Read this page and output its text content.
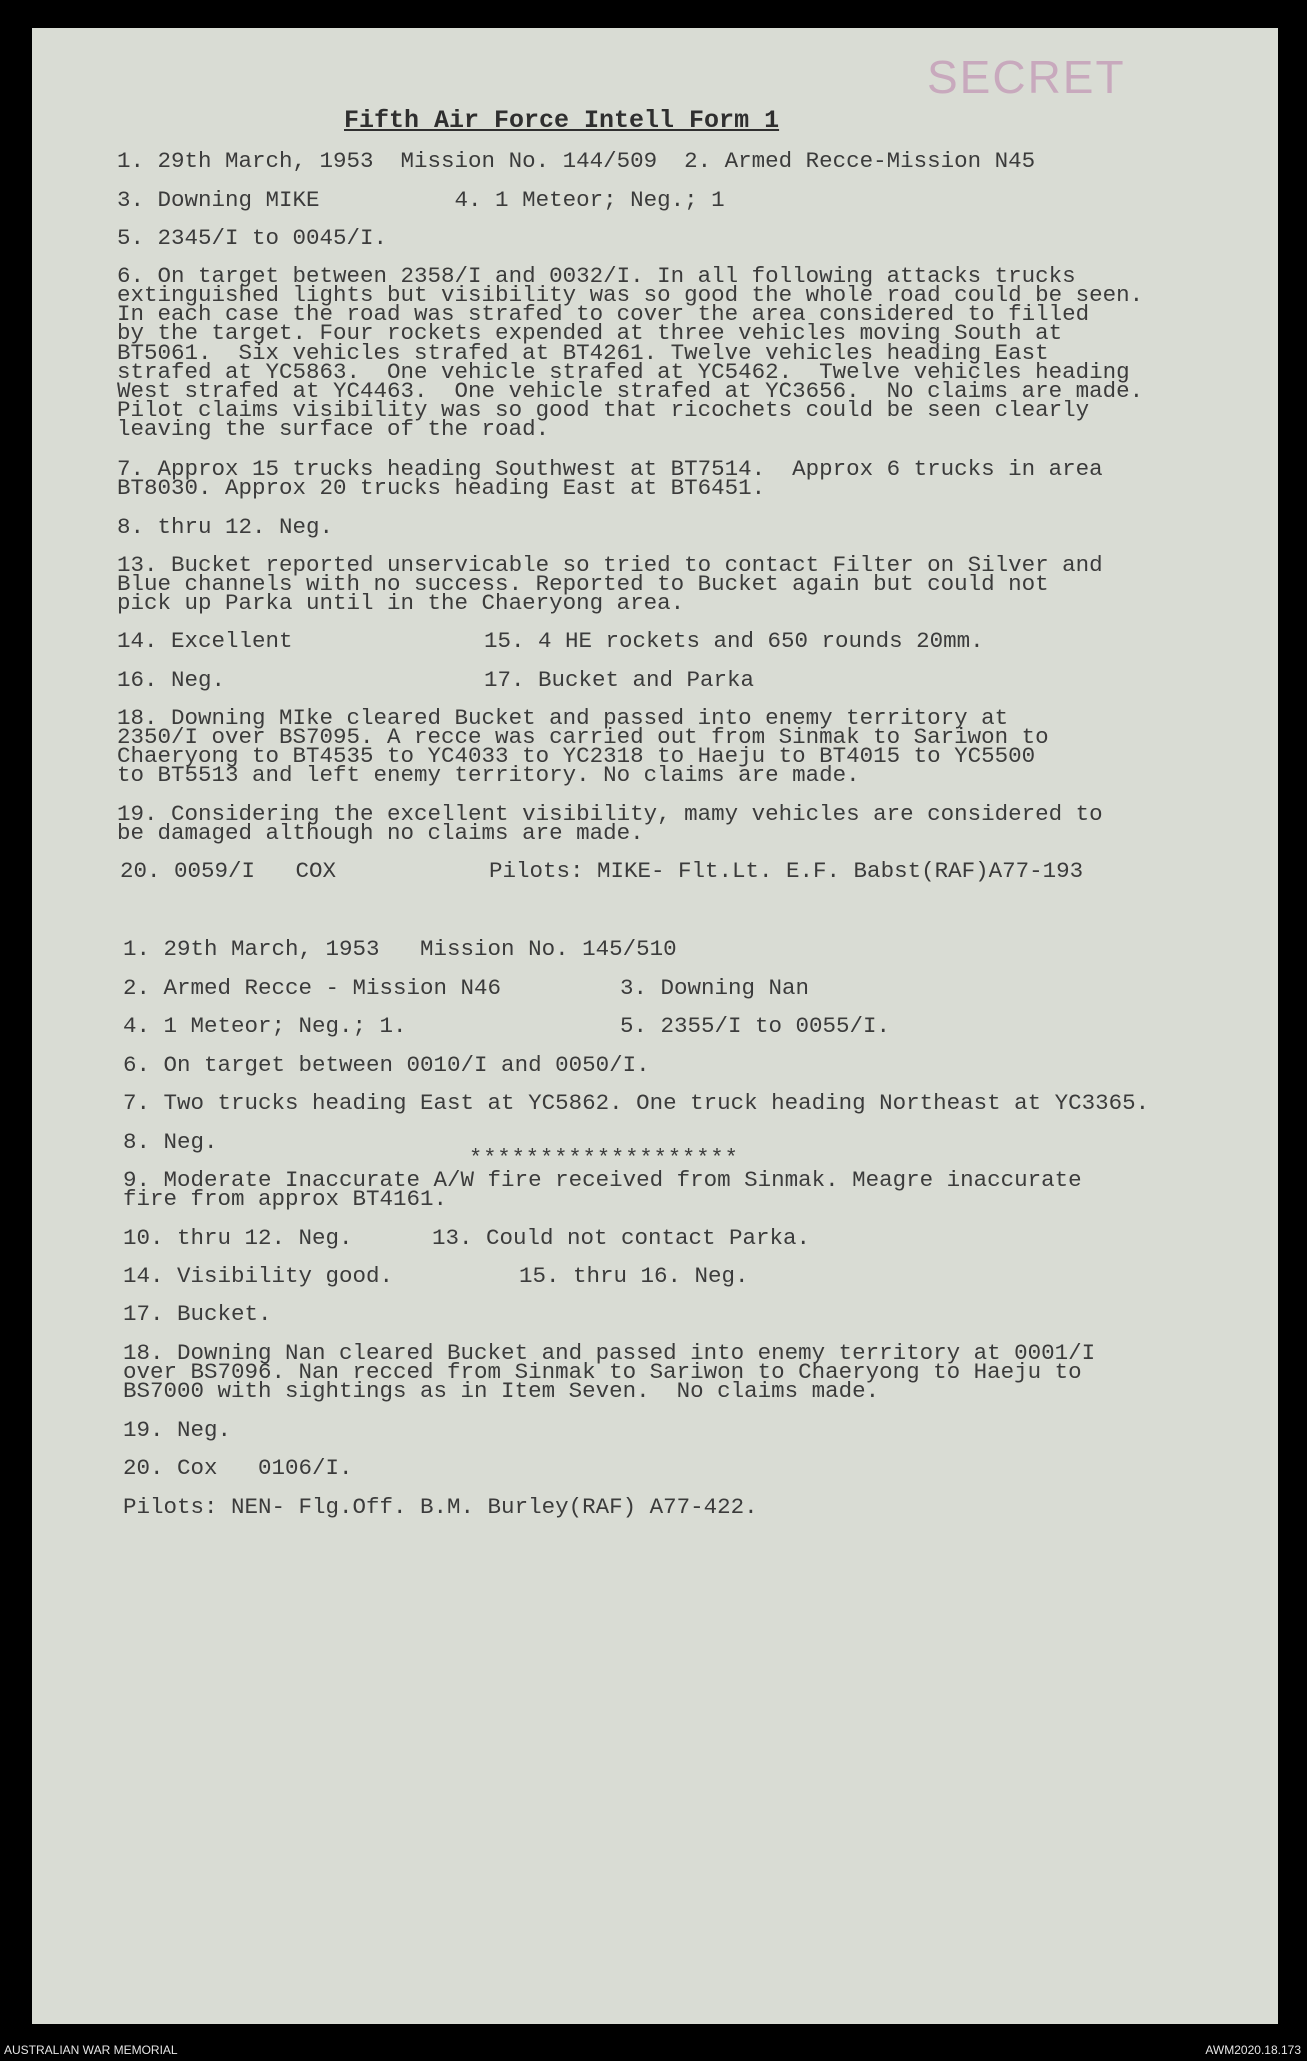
SECRET
Fifth Air Force Intell Form 1
1. 29th March, 1953  Mission No. 144/509  2. Armed Recce-Mission N45
3. Downing MIKE          4. 1 Meteor; Neg.; 1
5. 2345/I to 0045/I.
6. On target between 2358/I and 0032/I. In all following attacks trucks
extinguished lights but visibility was so good the whole road could be seen.
In each case the road was strafed to cover the area considered to filled
by the target. Four rockets expended at three vehicles moving South at
BT5061.  Six vehicles strafed at BT4261. Twelve vehicles heading East
strafed at YC5863.  One vehicle strafed at YC5462.  Twelve vehicles heading
West strafed at YC4463.  One vehicle strafed at YC3656.  No claims are made.
Pilot claims visibility was so good that ricochets could be seen clearly
leaving the surface of the road.
7. Approx 15 trucks heading Southwest at BT7514.  Approx 6 trucks in area
BT8030. Approx 20 trucks heading East at BT6451.
8. thru 12. Neg.
13. Bucket reported unservicable so tried to contact Filter on Silver and
Blue channels with no success. Reported to Bucket again but could not
pick up Parka until in the Chaeryong area.
14. Excellent	15. 4 HE rockets and 650 rounds 20mm.
16. Neg.	17. Bucket and Parka
18. Downing MIke cleared Bucket and passed into enemy territory at
2350/I over BS7095. A recce was carried out from Sinmak to Sariwon to
Chaeryong to BT4535 to YC4033 to YC2318 to Haeju to BT4015 to YC5500
to BT5513 and left enemy territory. No claims are made.
19. Considering the excellent visibility, mamy vehicles are considered to
be damaged although no claims are made.
20. 0059/I   COX	Pilots: MIKE- Flt.Lt. E.F. Babst(RAF)A77-193
*******************
1. 29th March, 1953   Mission No. 145/510
2. Armed Recce - Mission N46	3. Downing Nan
4. 1 Meteor; Neg.; 1.	5. 2355/I to 0055/I.
6. On target between 0010/I and 0050/I.
7. Two trucks heading East at YC5862. One truck heading Northeast at YC3365.
8. Neg.
9. Moderate Inaccurate A/W fire received from Sinmak. Meagre inaccurate
fire from approx BT4161.
10. thru 12. Neg.	13. Could not contact Parka.
14. Visibility good.	15. thru 16. Neg.
17. Bucket.
18. Downing Nan cleared Bucket and passed into enemy territory at 0001/I
over BS7096. Nan recced from Sinmak to Sariwon to Chaeryong to Haeju to
BS7000 with sightings as in Item Seven.  No claims made.
19. Neg.
20. Cox   0106/I.
Pilots: NEN- Flg.Off. B.M. Burley(RAF) A77-422.
AUSTRALIAN WAR MEMORIAL	AWM2020.18.173
